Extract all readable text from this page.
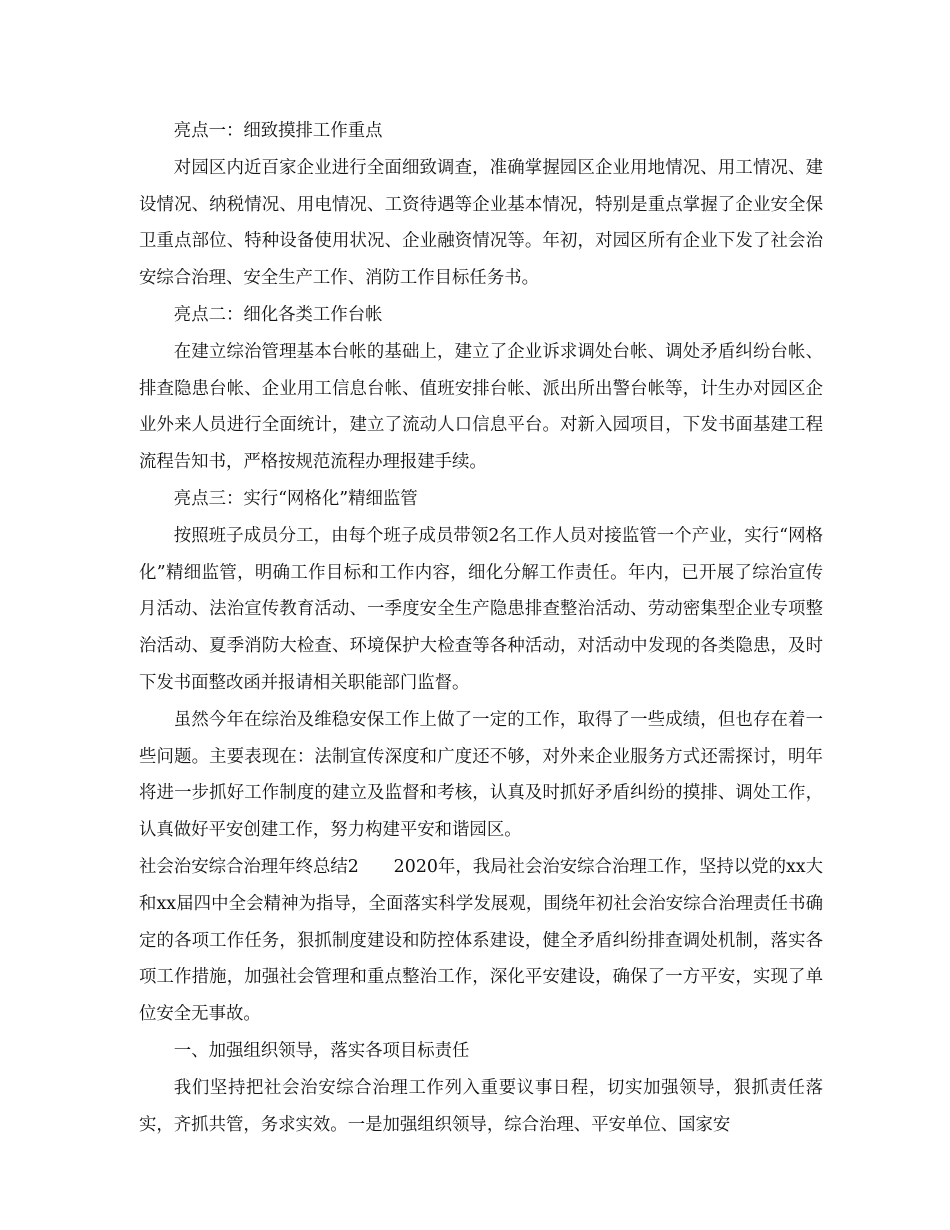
亮点一：细致摸排工作重点

对园区内近百家企业进行全面细致调查，准确掌握园区企业用地情况、用工情况、建设情况、纳税情况、用电情况、工资待遇等企业基本情况，特别是重点掌握了企业安全保卫重点部位、特种设备使用状况、企业融资情况等。年初，对园区所有企业下发了社会治安综合治理、安全生产工作、消防工作目标任务书。

亮点二：细化各类工作台帐

在建立综治管理基本台帐的基础上，建立了企业诉求调处台帐、调处矛盾纠纷台帐、排查隐患台帐、企业用工信息台帐、值班安排台帐、派出所出警台帐等，计生办对园区企业外来人员进行全面统计，建立了流动人口信息平台。对新入园项目，下发书面基建工程流程告知书，严格按规范流程办理报建手续。

亮点三：实行“网格化”精细监管

按照班子成员分工，由每个班子成员带领2名工作人员对接监管一个产业，实行“网格化”精细监管，明确工作目标和工作内容，细化分解工作责任。年内，已开展了综治宣传月活动、法治宣传教育活动、一季度安全生产隐患排查整治活动、劳动密集型企业专项整治活动、夏季消防大检查、环境保护大检查等各种活动，对活动中发现的各类隐患，及时下发书面整改函并报请相关职能部门监督。

虽然今年在综治及维稳安保工作上做了一定的工作，取得了一些成绩，但也存在着一些问题。主要表现在：法制宣传深度和广度还不够，对外来企业服务方式还需探讨，明年将进一步抓好工作制度的建立及监督和考核，认真及时抓好矛盾纠纷的摸排、调处工作，认真做好平安创建工作，努力构建平安和谐园区。

社会治安综合治理年终总结2　　2020年，我局社会治安综合治理工作，坚持以党的xx大和xx届四中全会精神为指导，全面落实科学发展观，围绕年初社会治安综合治理责任书确定的各项工作任务，狠抓制度建设和防控体系建设，健全矛盾纠纷排查调处机制，落实各项工作措施，加强社会管理和重点整治工作，深化平安建设，确保了一方平安，实现了单位安全无事故。

一、加强组织领导，落实各项目标责任

我们坚持把社会治安综合治理工作列入重要议事日程，切实加强领导，狠抓责任落实，齐抓共管，务求实效。一是加强组织领导，综合治理、平安单位、国家安
